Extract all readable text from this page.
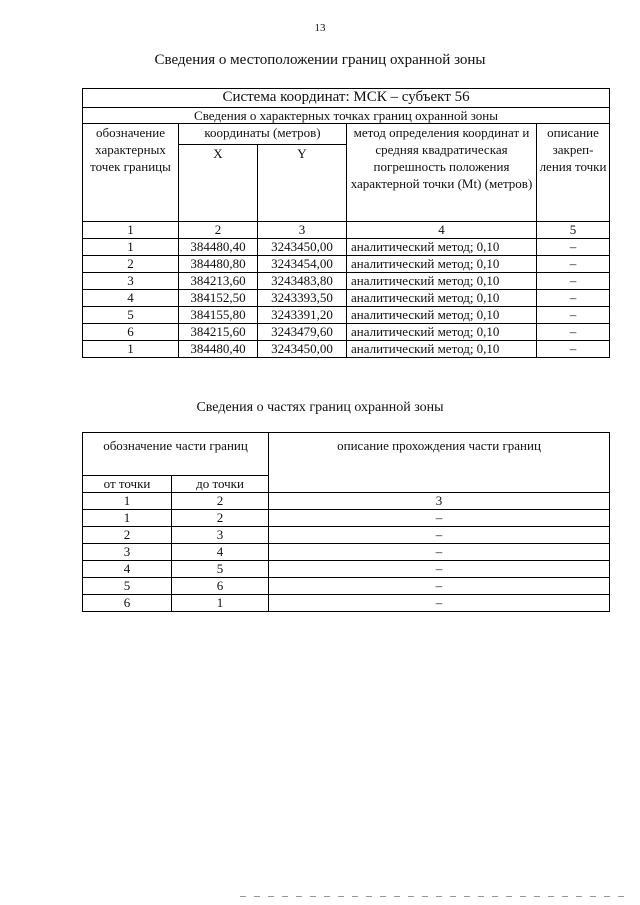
13
Сведения о местоположении границ охранной зоны
Система координат: МСК – субъект 56				
Сведения о характерных точках границ охранной зоны				
обозначение характерных точек границы	координаты (метров)		метод определения координат и средняя квадратическая погрешность положения характерной точки (Mt) (метров)	описание закреп-ления точки
	X	Y		
1	2	3	4	5
1	384480,40	3243450,00	аналитический метод; 0,10	–
2	384480,80	3243454,00	аналитический метод; 0,10	–
3	384213,60	3243483,80	аналитический метод; 0,10	–
4	384152,50	3243393,50	аналитический метод; 0,10	–
5	384155,80	3243391,20	аналитический метод; 0,10	–
6	384215,60	3243479,60	аналитический метод; 0,10	–
1	384480,40	3243450,00	аналитический метод; 0,10	–
Сведения о частях границ охранной зоны
обозначение части границ		описание прохождения части границ
от точки	до точки	
1	2	3
1	2	–
2	3	–
3	4	–
4	5	–
5	6	–
6	1	–
